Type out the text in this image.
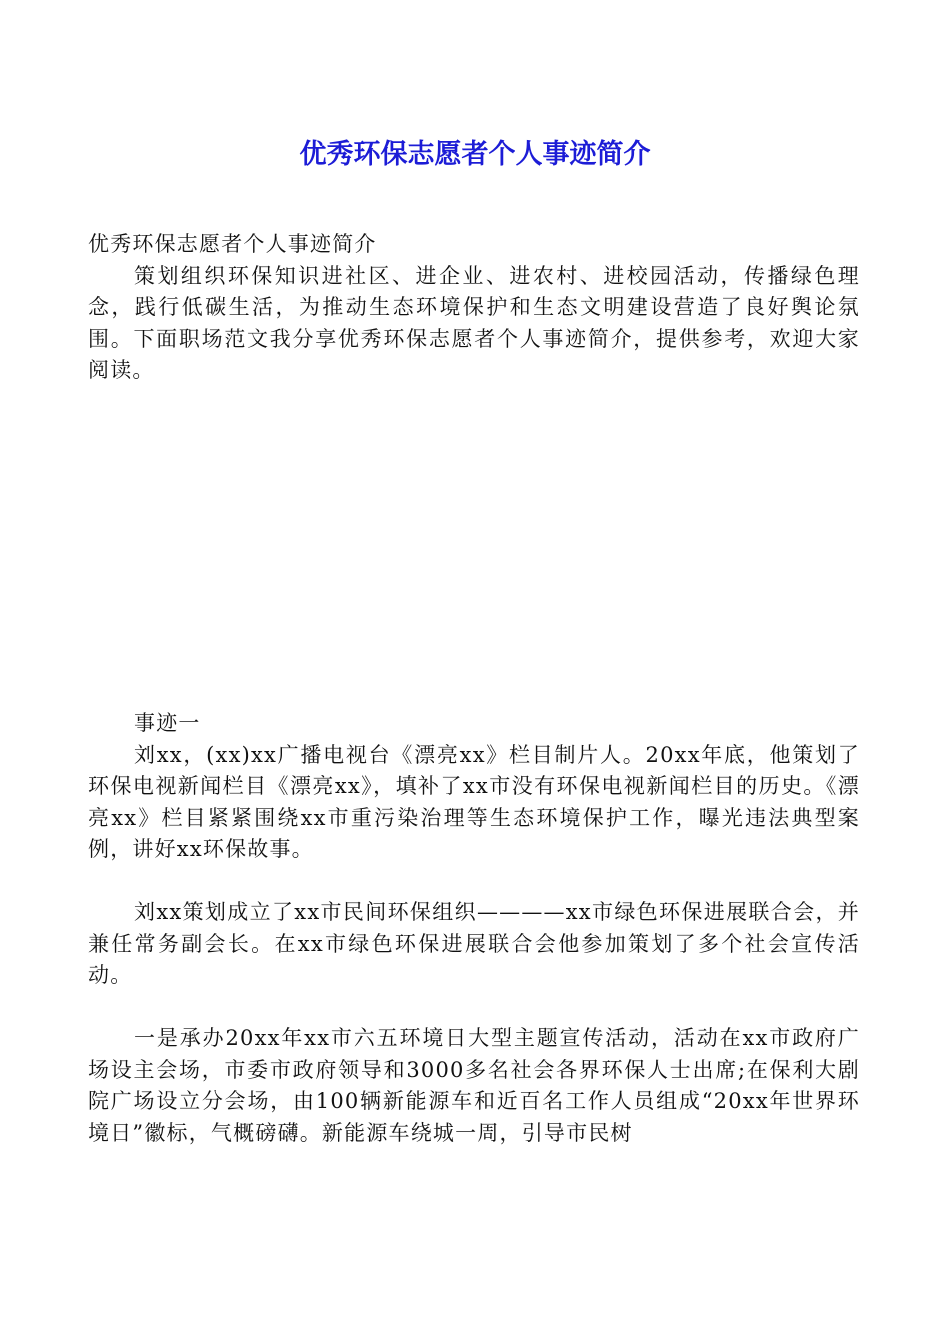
优秀环保志愿者个人事迹简介

优秀环保志愿者个人事迹简介

策划组织环保知识进社区、进企业、进农村、进校园活动，传播绿色理念，践行低碳生活，为推动生态环境保护和生态文明建设营造了良好舆论氛围。下面职场范文我分享优秀环保志愿者个人事迹简介，提供参考，欢迎大家阅读。

事迹一

刘xx，(xx)xx广播电视台《漂亮xx》栏目制片人。20xx年底，他策划了环保电视新闻栏目《漂亮xx》，填补了xx市没有环保电视新闻栏目的历史。《漂亮xx》栏目紧紧围绕xx市重污染治理等生态环境保护工作，曝光违法典型案例，讲好xx环保故事。

刘xx策划成立了xx市民间环保组织————xx市绿色环保进展联合会，并兼任常务副会长。在xx市绿色环保进展联合会他参加策划了多个社会宣传活动。

一是承办20xx年xx市六五环境日大型主题宣传活动，活动在xx市政府广场设主会场，市委市政府领导和3000多名社会各界环保人士出席;在保利大剧院广场设立分会场，由100辆新能源车和近百名工作人员组成“20xx年世界环境日”徽标，气概磅礴。新能源车绕城一周，引导市民树
